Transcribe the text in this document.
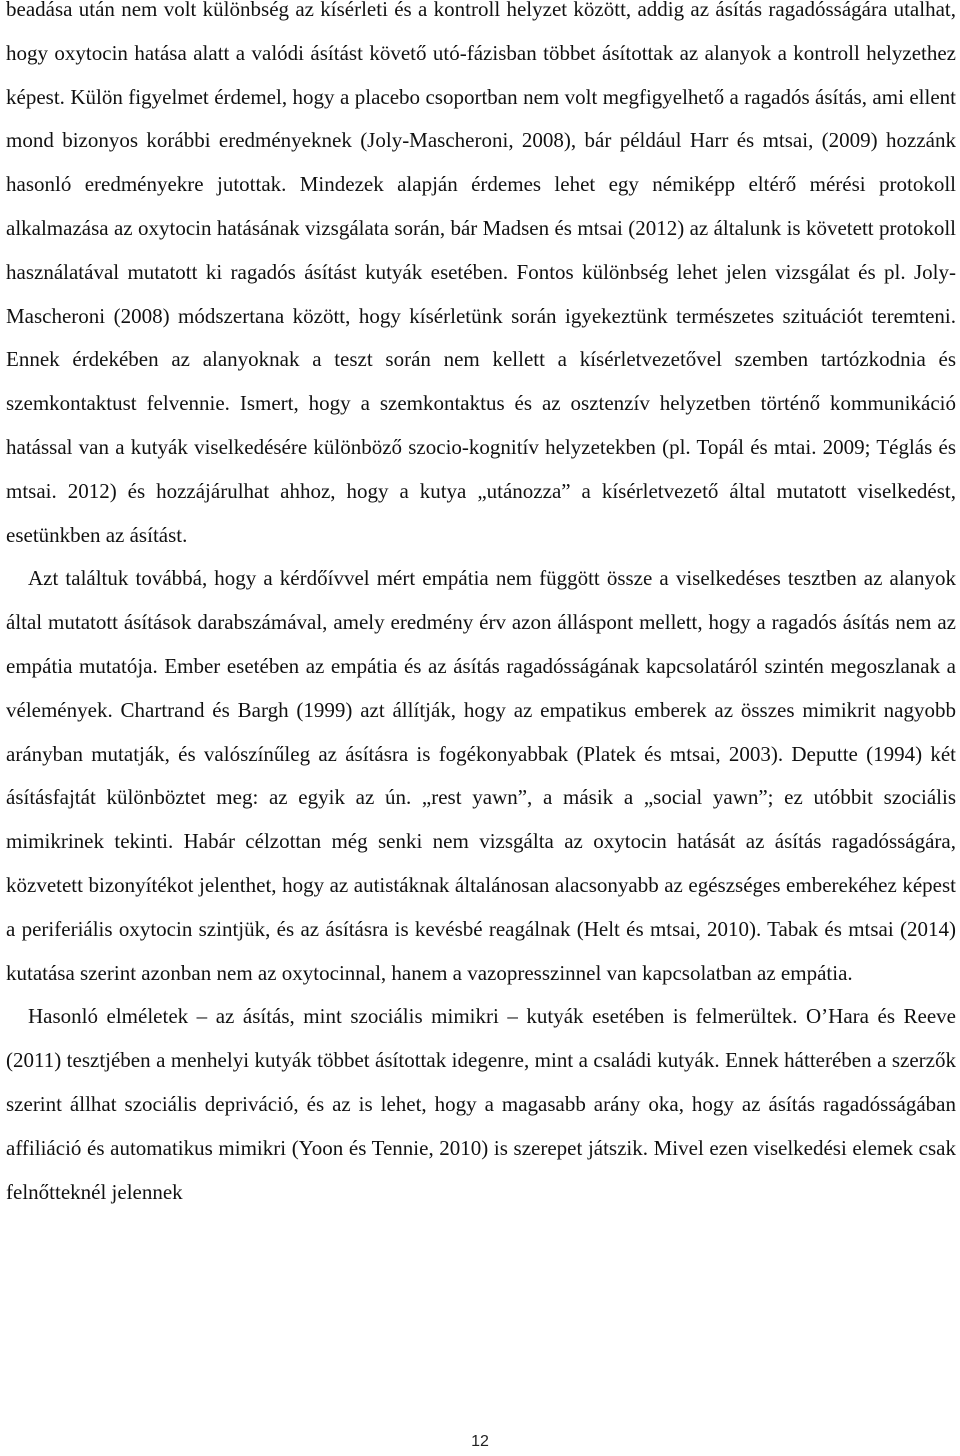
beadása után nem volt különbség az kísérleti és a kontroll helyzet között, addig az ásítás ragadósságára utalhat, hogy oxytocin hatása alatt a valódi ásítást követő utó-fázisban többet ásítottak az alanyok a kontroll helyzethez képest. Külön figyelmet érdemel, hogy a placebo csoportban nem volt megfigyelhető a ragadós ásítás, ami ellent mond bizonyos korábbi eredményeknek (Joly-Mascheroni, 2008), bár például Harr és mtsai, (2009) hozzánk hasonló eredményekre jutottak. Mindezek alapján érdemes lehet egy némiképp eltérő mérési protokoll alkalmazása az oxytocin hatásának vizsgálata során, bár Madsen és mtsai (2012) az általunk is követett protokoll használatával mutatott ki ragadós ásítást kutyák esetében. Fontos különbség lehet jelen vizsgálat és pl. Joly-Mascheroni (2008) módszertana között, hogy kísérletünk során igyekeztünk természetes szituációt teremteni. Ennek érdekében az alanyoknak a teszt során nem kellett a kísérletvezetővel szemben tartózkodnia és szemkontaktust felvennie. Ismert, hogy a szemkontaktus és az osztenzív helyzetben történő kommunikáció hatással van a kutyák viselkedésére különböző szocio-kognitív helyzetekben (pl. Topál és mtai. 2009; Téglás és mtsai. 2012) és hozzájárulhat ahhoz, hogy a kutya „utánozza” a kísérletvezető által mutatott viselkedést, esetünkben az ásítást.

Azt találtuk továbbá, hogy a kérdőívvel mért empátia nem függött össze a viselkedéses tesztben az alanyok által mutatott ásítások darabszámával, amely eredmény érv azon álláspont mellett, hogy a ragadós ásítás nem az empátia mutatója. Ember esetében az empátia és az ásítás ragadósságának kapcsolatáról szintén megoszlanak a vélemények. Chartrand és Bargh (1999) azt állítják, hogy az empatikus emberek az összes mimikrit nagyobb arányban mutatják, és valószínűleg az ásításra is fogékonyabbak (Platek és mtsai, 2003). Deputte (1994) két ásításfajtát különböztet meg: az egyik az ún. „rest yawn”, a másik a „social yawn”; ez utóbbit szociális mimikrinek tekinti. Habár célzottan még senki nem vizsgálta az oxytocin hatását az ásítás ragadósságára, közvetett bizonyítékot jelenthet, hogy az autistáknak általánosan alacsonyabb az egészséges emberekéhez képest a periferiális oxytocin szintjük, és az ásításra is kevésbé reagálnak (Helt és mtsai, 2010). Tabak és mtsai (2014) kutatása szerint azonban nem az oxytocinnal, hanem a vazopresszinnel van kapcsolatban az empátia.

Hasonló elméletek – az ásítás, mint szociális mimikri – kutyák esetében is felmerültek. O’Hara és Reeve (2011) tesztjében a menhelyi kutyák többet ásítottak idegenre, mint a családi kutyák. Ennek hátterében a szerzők szerint állhat szociális depriváció, és az is lehet, hogy a magasabb arány oka, hogy az ásítás ragadósságában affiliáció és automatikus mimikri (Yoon és Tennie, 2010) is szerepet játszik. Mivel ezen viselkedési elemek csak felnőtteknél jelennek

12
